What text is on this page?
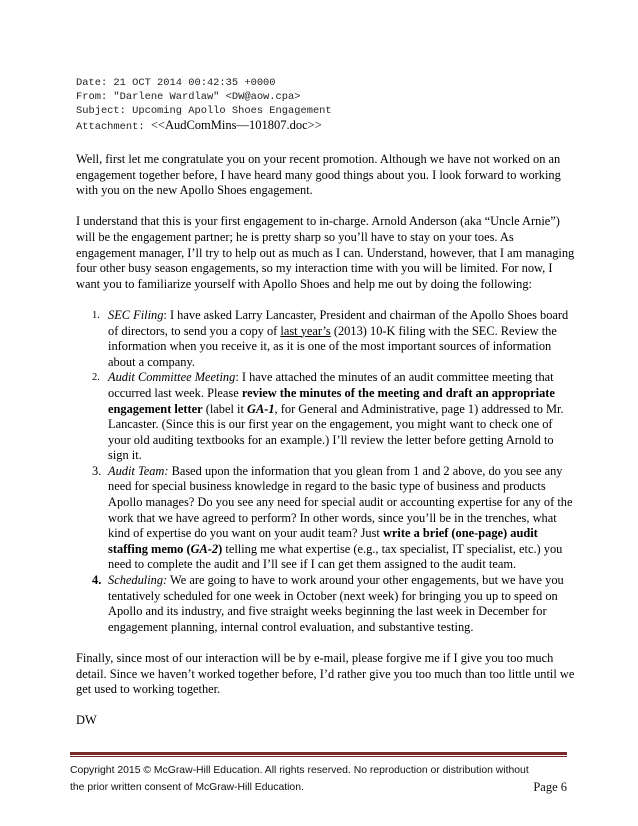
Date: 21 OCT 2014 00:42:35 +0000
From: "Darlene Wardlaw" <DW@aow.cpa>
Subject: Upcoming Apollo Shoes Engagement
Attachment: <<AudComMins—101807.doc>>

Well, first let me congratulate you on your recent promotion. Although we have not worked on an engagement together before, I have heard many good things about you. I look forward to working with you on the new Apollo Shoes engagement.

I understand that this is your first engagement to in-charge. Arnold Anderson (aka “Uncle Arnie”) will be the engagement partner; he is pretty sharp so you’ll have to stay on your toes. As engagement manager, I’ll try to help out as much as I can. Understand, however, that I am managing four other busy season engagements, so my interaction time with you will be limited. For now, I want you to familiarize yourself with Apollo Shoes and help me out by doing the following:

1. SEC Filing: I have asked Larry Lancaster, President and chairman of the Apollo Shoes board of directors, to send you a copy of last year’s (2013) 10-K filing with the SEC. Review the information when you receive it, as it is one of the most important sources of information about a company.
2. Audit Committee Meeting: I have attached the minutes of an audit committee meeting that occurred last week. Please review the minutes of the meeting and draft an appropriate engagement letter (label it GA-1, for General and Administrative, page 1) addressed to Mr. Lancaster. (Since this is our first year on the engagement, you might want to check one of your old auditing textbooks for an example.) I’ll review the letter before getting Arnold to sign it.
3. Audit Team: Based upon the information that you glean from 1 and 2 above, do you see any need for special business knowledge in regard to the basic type of business and products Apollo manages? Do you see any need for special audit or accounting expertise for any of the work that we have agreed to perform? In other words, since you’ll be in the trenches, what kind of expertise do you want on your audit team? Just write a brief (one-page) audit staffing memo (GA-2) telling me what expertise (e.g., tax specialist, IT specialist, etc.) you need to complete the audit and I’ll see if I can get them assigned to the audit team.
4. Scheduling: We are going to have to work around your other engagements, but we have you tentatively scheduled for one week in October (next week) for bringing you up to speed on Apollo and its industry, and five straight weeks beginning the last week in December for engagement planning, internal control evaluation, and substantive testing.

Finally, since most of our interaction will be by e-mail, please forgive me if I give you too much detail. Since we haven’t worked together before, I’d rather give you too much than too little until we get used to working together.

DW

Copyright 2015 © McGraw-Hill Education. All rights reserved. No reproduction or distribution without
the prior written consent of McGraw-Hill Education.	Page 6
